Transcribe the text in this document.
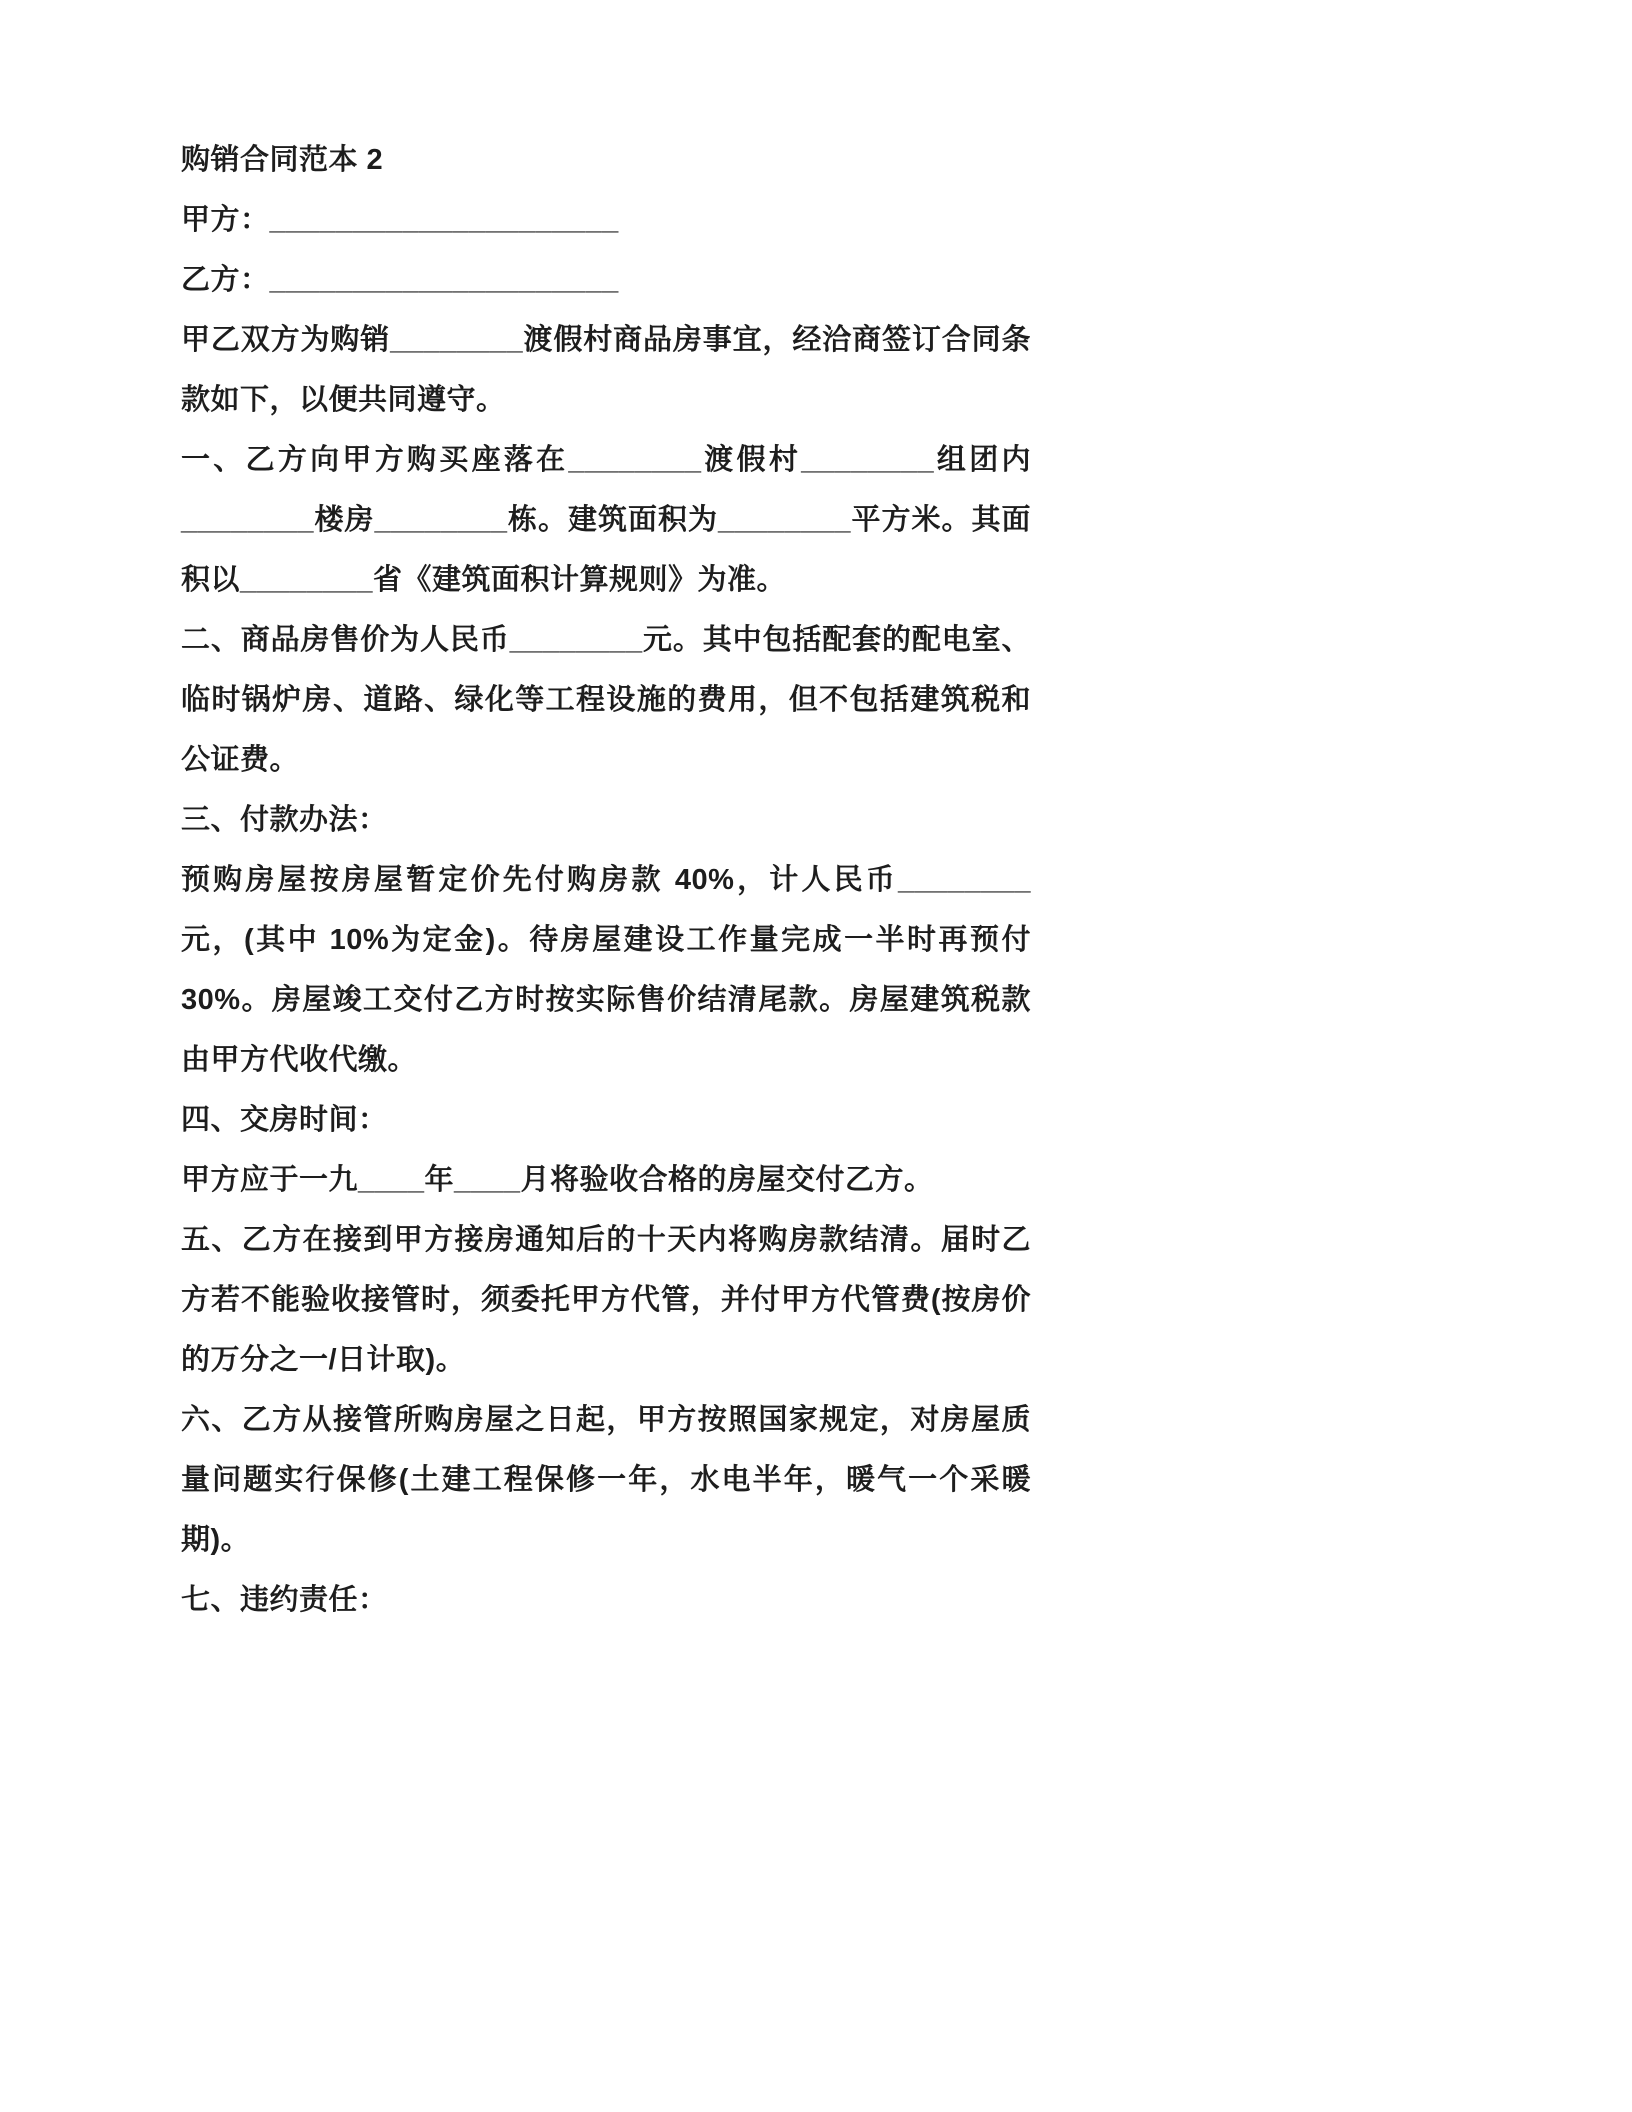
购销合同范本 2

甲方：_____________________

乙方：_____________________

甲乙双方为购销________渡假村商品房事宜，经洽商签订合同条款如下，以便共同遵守。

一、乙方向甲方购买座落在________渡假村________组团内________楼房________栋。建筑面积为________平方米。其面积以________省《建筑面积计算规则》为准。

二、商品房售价为人民币________元。其中包括配套的配电室、临时锅炉房、道路、绿化等工程设施的费用，但不包括建筑税和公证费。

三、付款办法：

预购房屋按房屋暂定价先付购房款 40%，计人民币________元，(其中 10%为定金)。待房屋建设工作量完成一半时再预付 30%。房屋竣工交付乙方时按实际售价结清尾款。房屋建筑税款由甲方代收代缴。

四、交房时间：

甲方应于一九____年____月将验收合格的房屋交付乙方。

五、乙方在接到甲方接房通知后的十天内将购房款结清。届时乙方若不能验收接管时，须委托甲方代管，并付甲方代管费(按房价的万分之一/日计取)。

六、乙方从接管所购房屋之日起，甲方按照国家规定，对房屋质量问题实行保修(土建工程保修一年，水电半年，暖气一个采暖期)。

七、违约责任：
